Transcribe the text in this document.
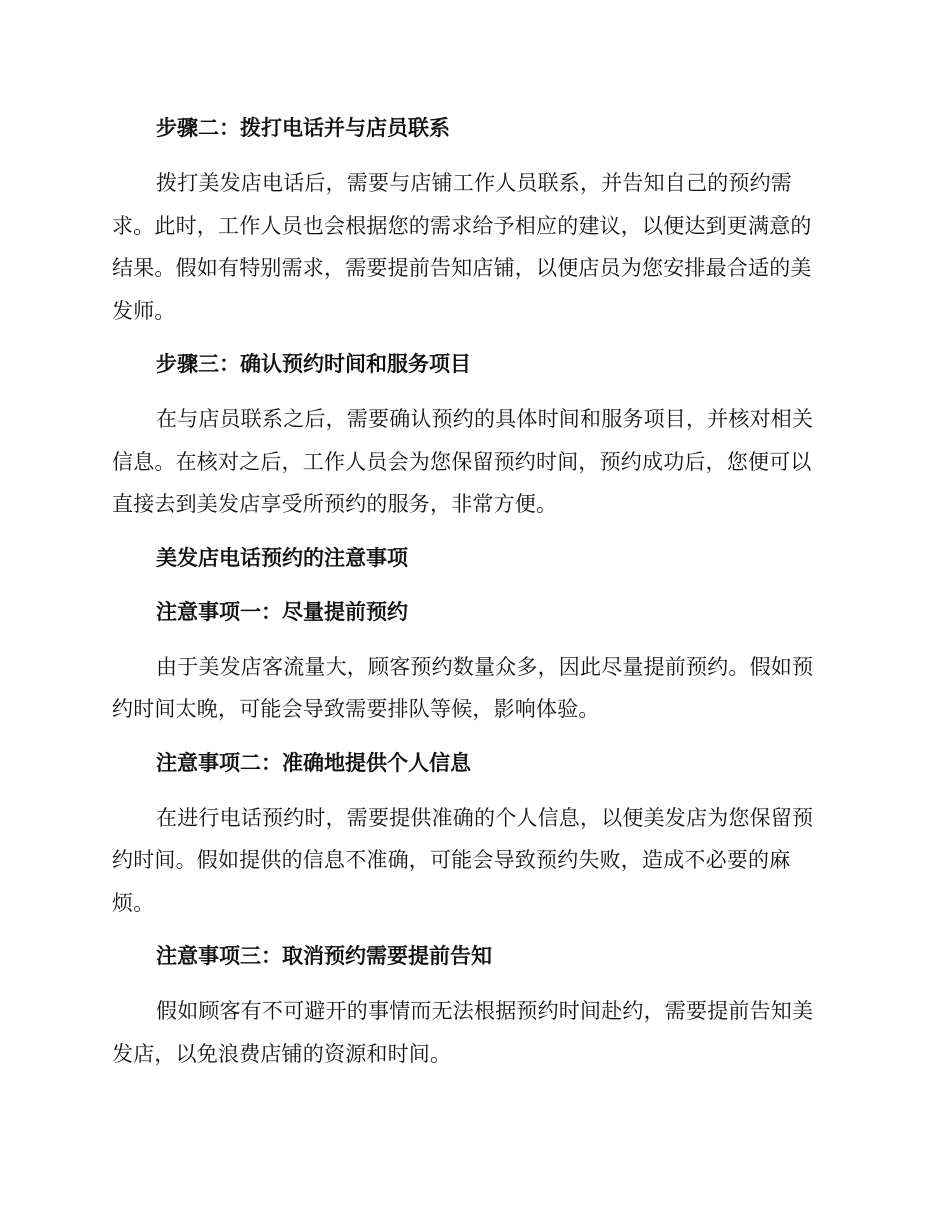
步骤二：拨打电话并与店员联系
拨打美发店电话后，需要与店铺工作人员联系，并告知自己的预约需
求。此时，工作人员也会根据您的需求给予相应的建议，以便达到更满意的
结果。假如有特别需求，需要提前告知店铺，以便店员为您安排最合适的美
发师。
步骤三：确认预约时间和服务项目
在与店员联系之后，需要确认预约的具体时间和服务项目，并核对相关
信息。在核对之后，工作人员会为您保留预约时间，预约成功后，您便可以
直接去到美发店享受所预约的服务，非常方便。
美发店电话预约的注意事项
注意事项一：尽量提前预约
由于美发店客流量大，顾客预约数量众多，因此尽量提前预约。假如预
约时间太晚，可能会导致需要排队等候，影响体验。
注意事项二：准确地提供个人信息
在进行电话预约时，需要提供准确的个人信息，以便美发店为您保留预
约时间。假如提供的信息不准确，可能会导致预约失败，造成不必要的麻
烦。
注意事项三：取消预约需要提前告知
假如顾客有不可避开的事情而无法根据预约时间赴约，需要提前告知美
发店，以免浪费店铺的资源和时间。
